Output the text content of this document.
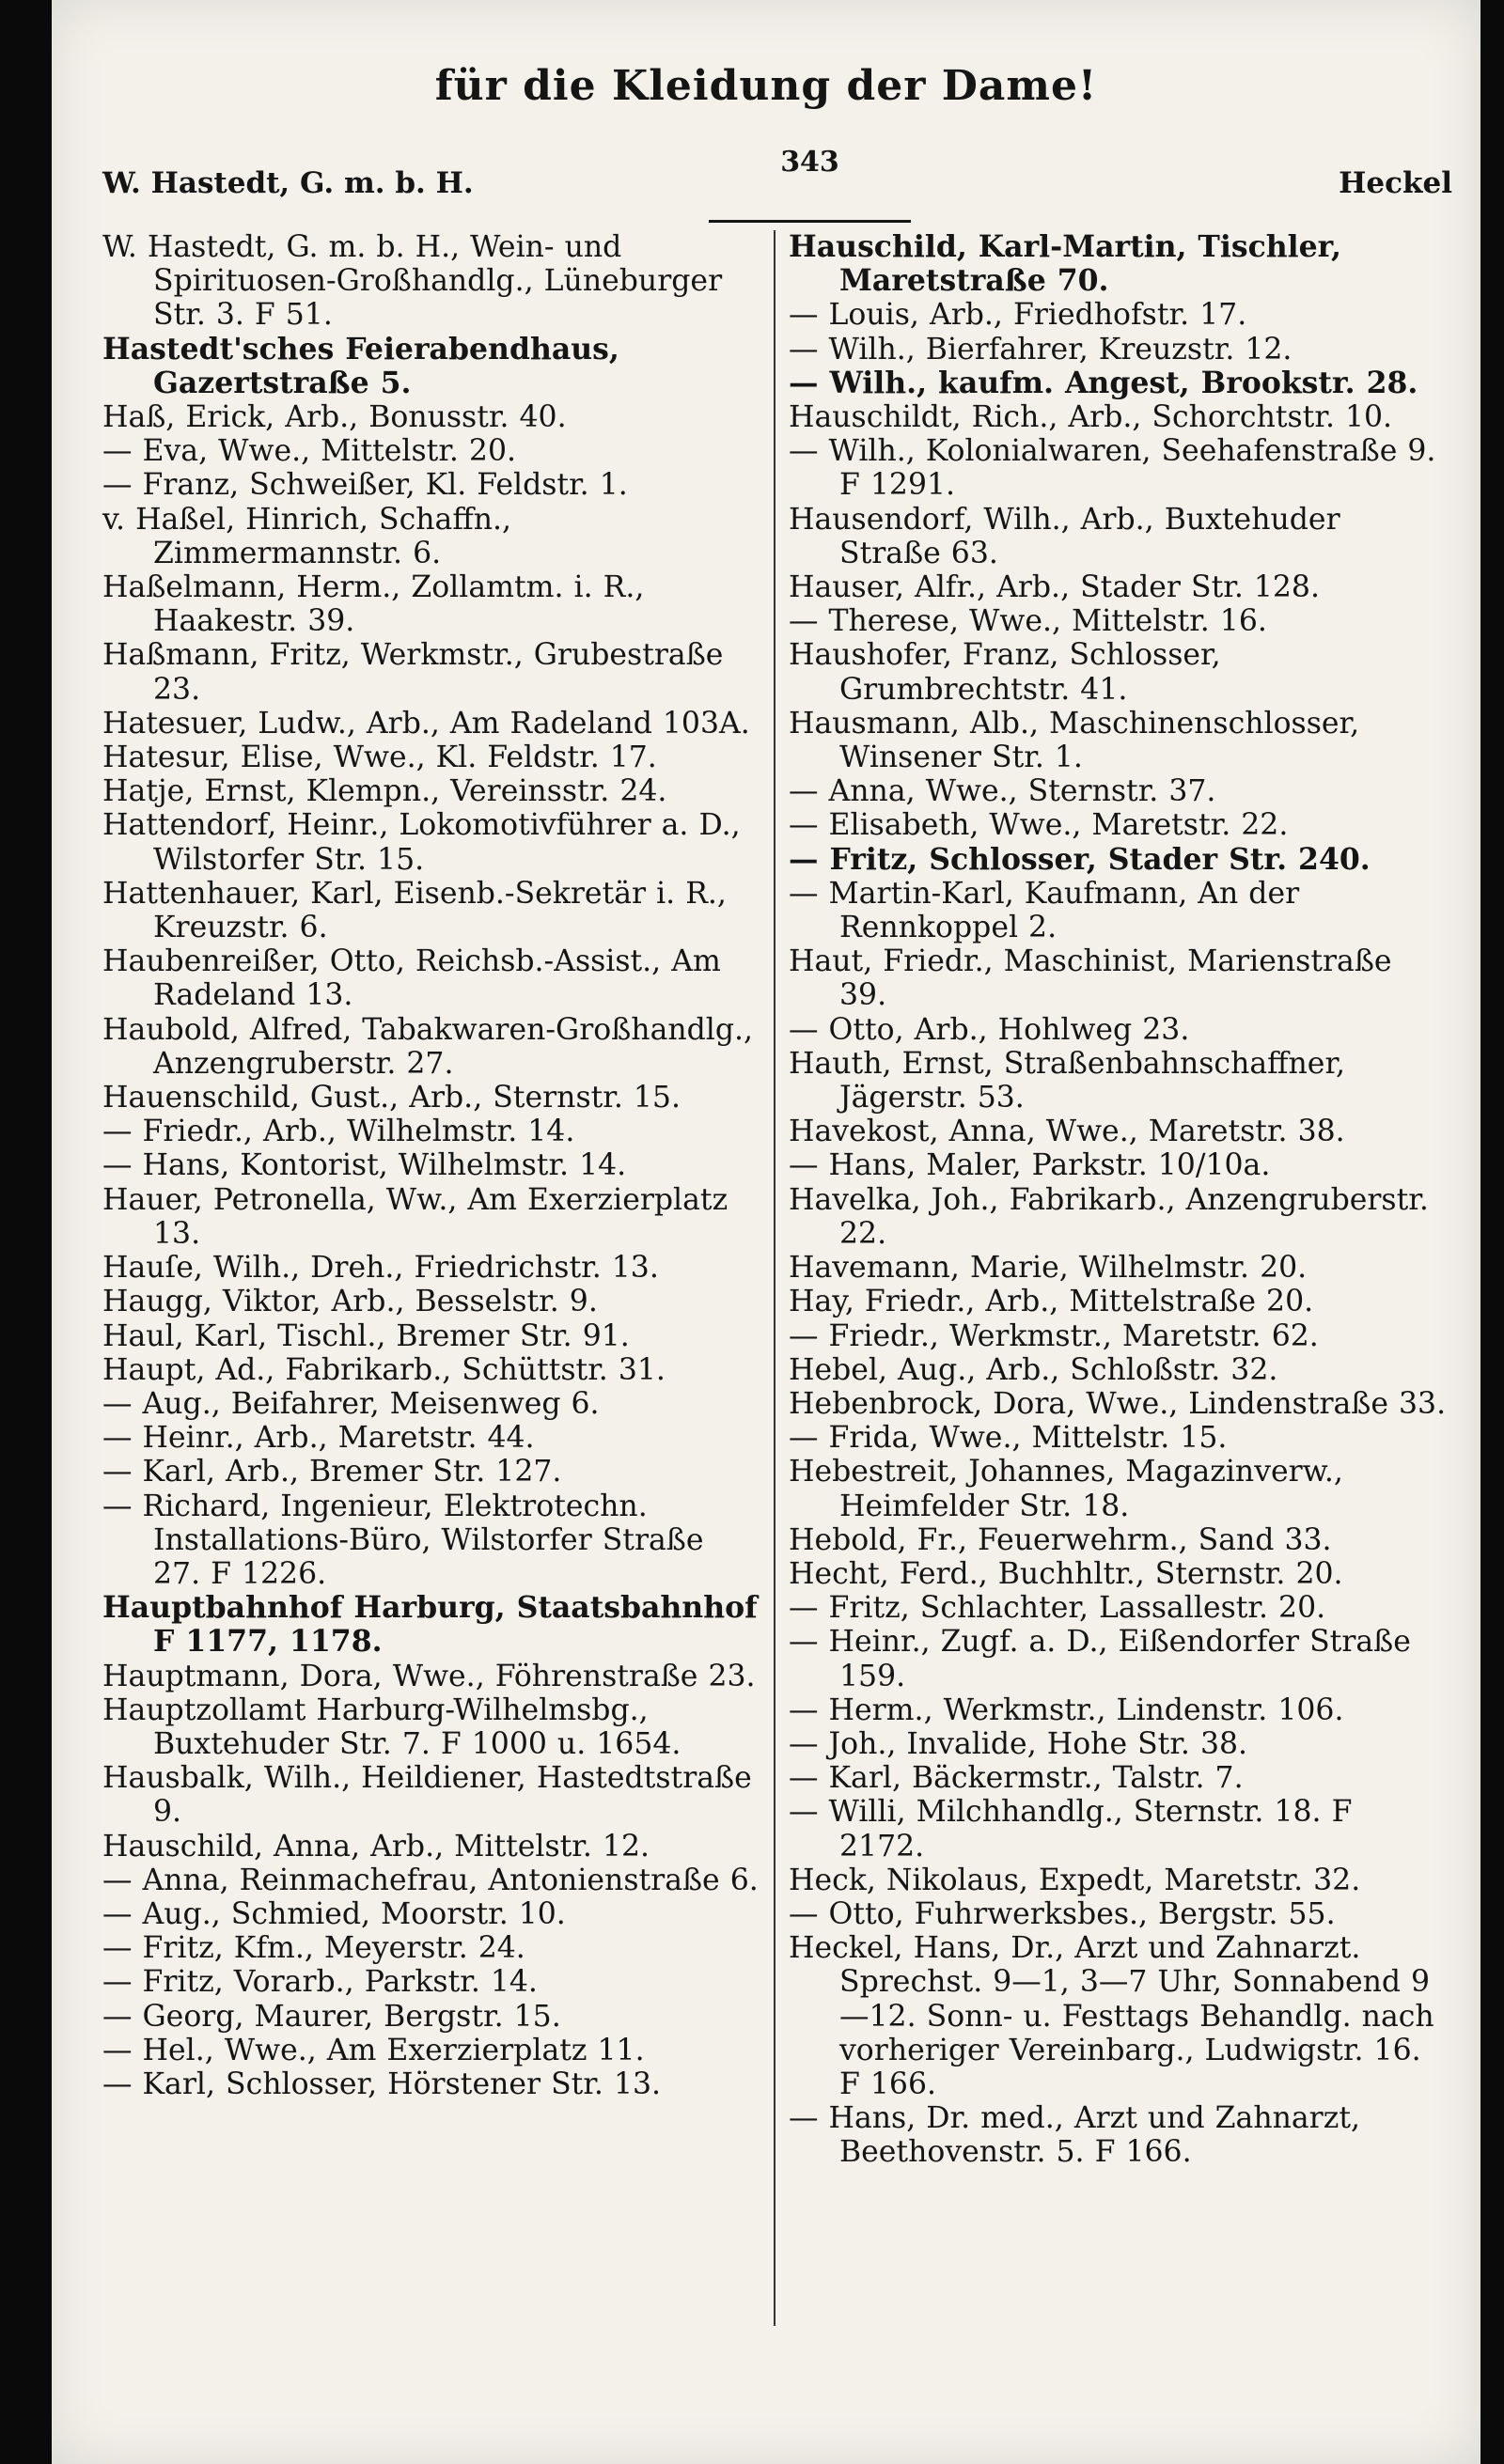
für die Kleidung der Dame!
W. Hastedt, G. m. b. H.
343
Heckel
W. Hastedt, G. m. b. H., Wein- und Spirituosen-Großhandlg., Lüneburger Str. 3. F 51.
Hastedt'sches Feierabendhaus, Gazertstraße 5.
Haß, Erick, Arb., Bonusstr. 40.
— Eva, Wwe., Mittelstr. 20.
— Franz, Schweißer, Kl. Feldstr. 1.
v. Haßel, Hinrich, Schaffn., Zimmermannstr. 6.
Haßelmann, Herm., Zollamtm. i. R., Haakestr. 39.
Haßmann, Fritz, Werkmstr., Grubestraße 23.
Hatesuer, Ludw., Arb., Am Radeland 103A.
Hatesur, Elise, Wwe., Kl. Feldstr. 17.
Hatje, Ernst, Klempn., Vereinsstr. 24.
Hattendorf, Heinr., Lokomotivführer a. D., Wilstorfer Str. 15.
Hattenhauer, Karl, Eisenb.-Sekretär i. R., Kreuzstr. 6.
Haubenreißer, Otto, Reichsb.-Assist., Am Radeland 13.
Haubold, Alfred, Tabakwaren-Großhandlg., Anzengruberstr. 27.
Hauenschild, Gust., Arb., Sternstr. 15.
— Friedr., Arb., Wilhelmstr. 14.
— Hans, Kontorist, Wilhelmstr. 14.
Hauer, Petronella, Ww., Am Exerzierplatz 13.
Hauſe, Wilh., Dreh., Friedrichstr. 13.
Haugg, Viktor, Arb., Besselstr. 9.
Haul, Karl, Tischl., Bremer Str. 91.
Haupt, Ad., Fabrikarb., Schüttstr. 31.
— Aug., Beifahrer, Meisenweg 6.
— Heinr., Arb., Maretstr. 44.
— Karl, Arb., Bremer Str. 127.
— Richard, Ingenieur, Elektrotechn. Installations-Büro, Wilstorfer Straße 27. F 1226.
Hauptbahnhof Harburg, Staatsbahnhof F 1177, 1178.
Hauptmann, Dora, Wwe., Föhrenstraße 23.
Hauptzollamt Harburg-Wilhelmsbg., Buxtehuder Str. 7. F 1000 u. 1654.
Hausbalk, Wilh., Heildiener, Hastedtstraße 9.
Hauschild, Anna, Arb., Mittelstr. 12.
— Anna, Reinmachefrau, Antonienstraße 6.
— Aug., Schmied, Moorstr. 10.
— Fritz, Kfm., Meyerstr. 24.
— Fritz, Vorarb., Parkstr. 14.
— Georg, Maurer, Bergstr. 15.
— Hel., Wwe., Am Exerzierplatz 11.
— Karl, Schlosser, Hörstener Str. 13.
Hauschild, Karl-Martin, Tischler, Maretstraße 70.
— Louis, Arb., Friedhofstr. 17.
— Wilh., Bierfahrer, Kreuzstr. 12.
— Wilh., kaufm. Angest, Brookstr. 28.
Hauschildt, Rich., Arb., Schorchtstr. 10.
— Wilh., Kolonialwaren, Seehafenstraße 9. F 1291.
Hausendorf, Wilh., Arb., Buxtehuder Straße 63.
Hauser, Alfr., Arb., Stader Str. 128.
— Therese, Wwe., Mittelstr. 16.
Haushofer, Franz, Schlosser, Grumbrechtstr. 41.
Hausmann, Alb., Maschinenschlosser, Winsener Str. 1.
— Anna, Wwe., Sternstr. 37.
— Elisabeth, Wwe., Maretstr. 22.
— Fritz, Schlosser, Stader Str. 240.
— Martin-Karl, Kaufmann, An der Rennkoppel 2.
Haut, Friedr., Maschinist, Marienstraße 39.
— Otto, Arb., Hohlweg 23.
Hauth, Ernst, Straßenbahnschaffner, Jägerstr. 53.
Havekost, Anna, Wwe., Maretstr. 38.
— Hans, Maler, Parkstr. 10/10a.
Havelka, Joh., Fabrikarb., Anzengruberstr. 22.
Havemann, Marie, Wilhelmstr. 20.
Hay, Friedr., Arb., Mittelstraße 20.
— Friedr., Werkmstr., Maretstr. 62.
Hebel, Aug., Arb., Schloßstr. 32.
Hebenbrock, Dora, Wwe., Lindenstraße 33.
— Frida, Wwe., Mittelstr. 15.
Hebestreit, Johannes, Magazinverw., Heimfelder Str. 18.
Hebold, Fr., Feuerwehrm., Sand 33.
Hecht, Ferd., Buchhltr., Sternstr. 20.
— Fritz, Schlachter, Lassallestr. 20.
— Heinr., Zugf. a. D., Eißendorfer Straße 159.
— Herm., Werkmstr., Lindenstr. 106.
— Joh., Invalide, Hohe Str. 38.
— Karl, Bäckermstr., Talstr. 7.
— Willi, Milchhandlg., Sternstr. 18. F 2172.
Heck, Nikolaus, Expedt, Maretstr. 32.
— Otto, Fuhrwerksbes., Bergstr. 55.
Heckel, Hans, Dr., Arzt und Zahnarzt. Sprechst. 9—1, 3—7 Uhr, Sonnabend 9—12. Sonn- u. Festtags Behandlg. nach vorheriger Vereinbarg., Ludwigstr. 16. F 166.
— Hans, Dr. med., Arzt und Zahnarzt, Beethovenstr. 5. F 166.
